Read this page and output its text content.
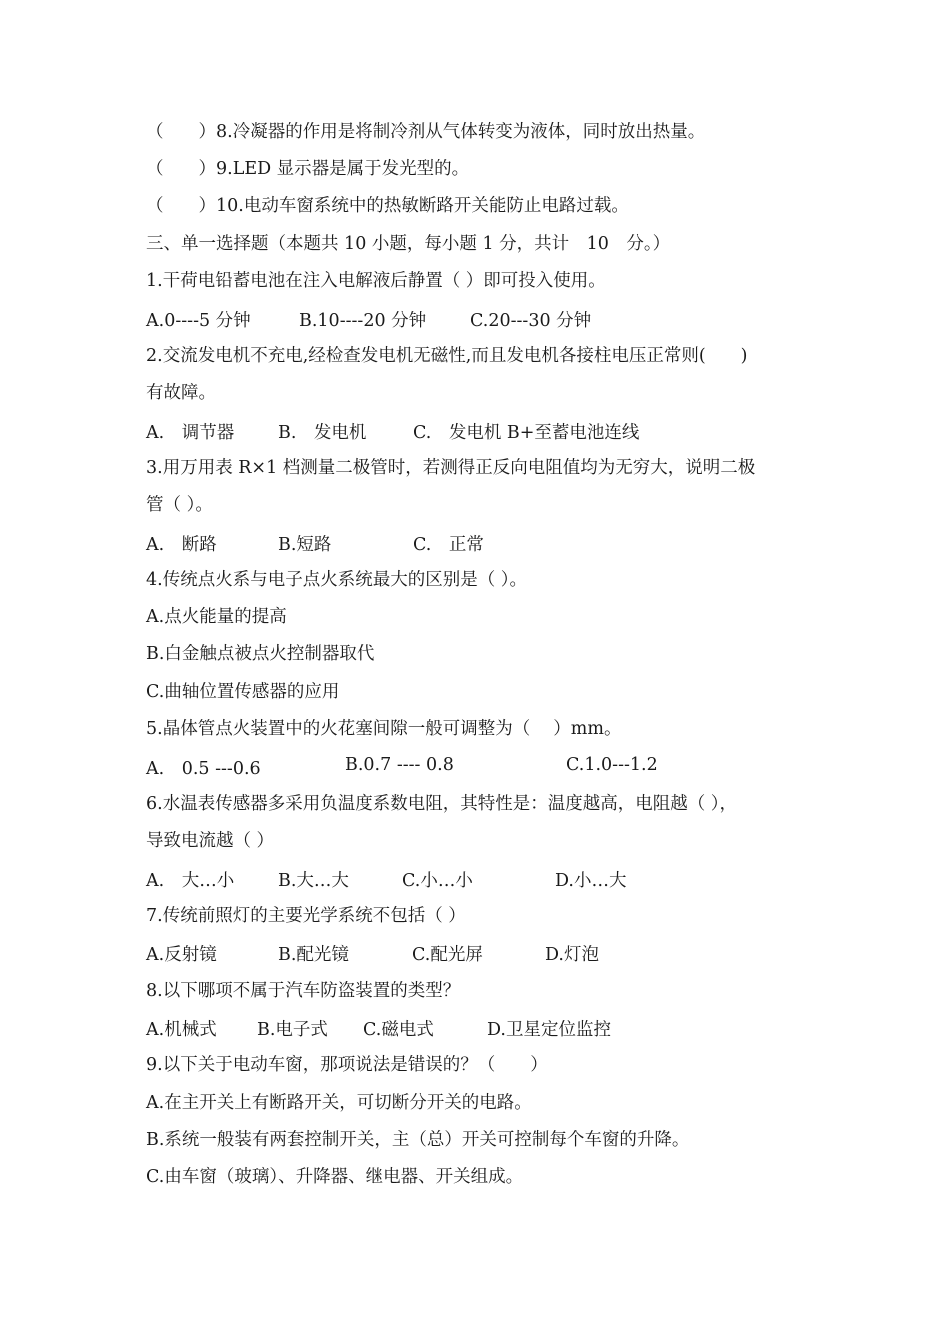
（　　）8.冷凝器的作用是将制冷剂从气体转变为液体，同时放出热量。
（　　）9.LED 显示器是属于发光型的。
（　　）10.电动车窗系统中的热敏断路开关能防止电路过载。
三、单一选择题（本题共 10 小题，每小题 1 分，共计　10　分。）
1.干荷电铅蓄电池在注入电解液后静置（ ）即可投入使用。
A.0----5 分钟	B.10----20 分钟	C.20---30 分钟
2.交流发电机不充电,经检查发电机无磁性,而且发电机各接柱电压正常则(　　)
有故障。
A.　调节器	B.　发电机	C.　发电机 B+至蓄电池连线
3.用万用表 R×1 档测量二极管时，若测得正反向电阻值均为无穷大，说明二极
管（ ）。
A.　断路	B.短路	C.　正常
4.传统点火系与电子点火系统最大的区别是（ ）。
A.点火能量的提高
B.白金触点被点火控制器取代
C.曲轴位置传感器的应用
5.晶体管点火装置中的火花塞间隙一般可调整为（　 ）mm。
A.　0.5 ---0.6	B.0.7 ---- 0.8	C.1.0---1.2
6.水温表传感器多采用负温度系数电阻，其特性是：温度越高，电阻越（ ），
导致电流越（ ）
A.　大…小	B.大…大	C.小…小	D.小…大
7.传统前照灯的主要光学系统不包括（ ）
A.反射镜	B.配光镜	C.配光屏	D.灯泡
8.以下哪项不属于汽车防盗装置的类型？
A.机械式 B.电子式 C.磁电式	D.卫星定位监控
9.以下关于电动车窗，那项说法是错误的？（　　）
A.在主开关上有断路开关，可切断分开关的电路。
B.系统一般装有两套控制开关，主（总）开关可控制每个车窗的升降。
C.由车窗（玻璃）、升降器、继电器、开关组成。
